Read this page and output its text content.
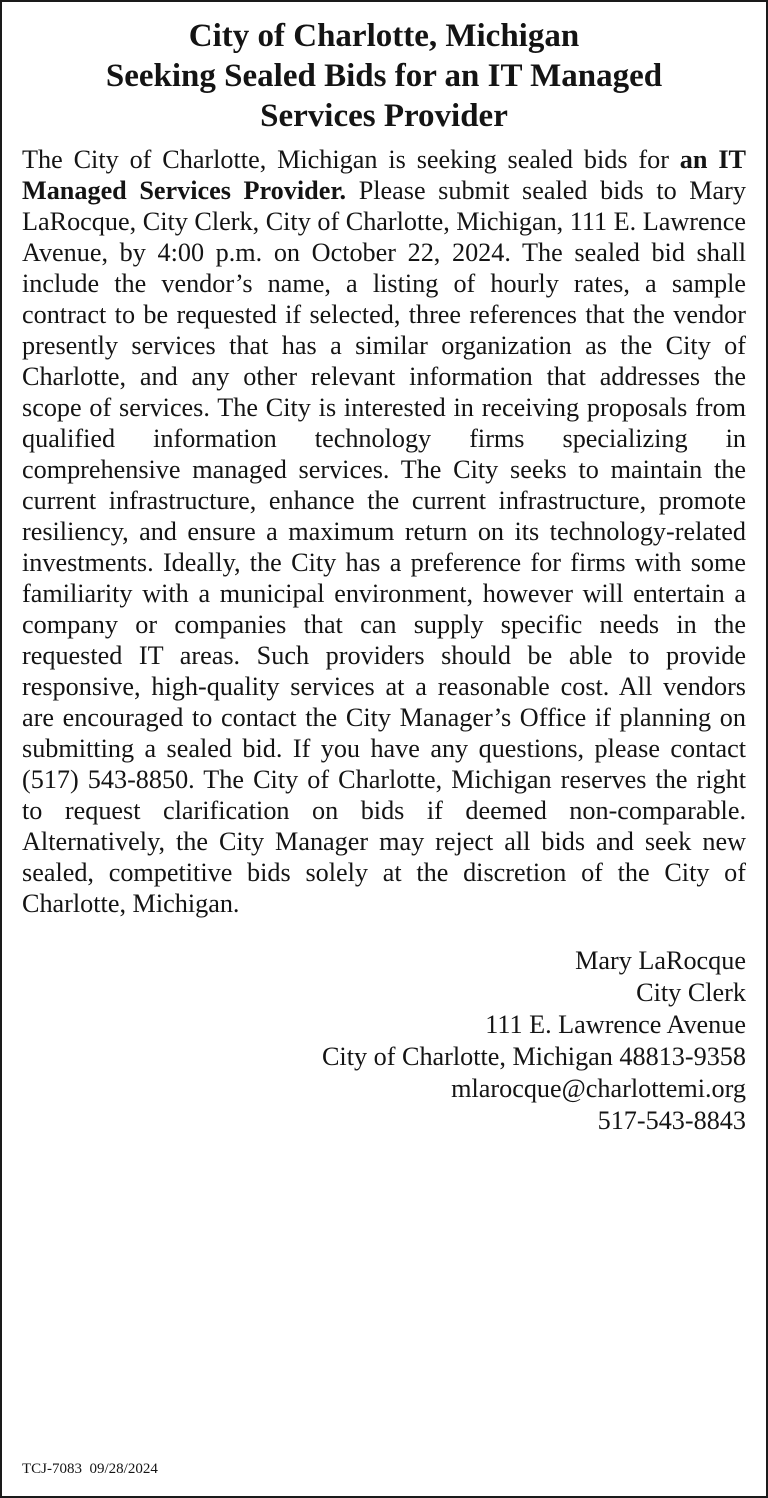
City of Charlotte, Michigan
Seeking Sealed Bids for an IT Managed
Services Provider

The City of Charlotte, Michigan is seeking sealed bids for an IT Managed Services Provider. Please submit sealed bids to Mary LaRocque, City Clerk, City of Charlotte, Michigan, 111 E. Lawrence Avenue, by 4:00 p.m. on October 22, 2024. The sealed bid shall include the vendor’s name, a listing of hourly rates, a sample contract to be requested if selected, three references that the vendor presently services that has a similar organization as the City of Charlotte, and any other relevant information that addresses the scope of services. The City is interested in receiving proposals from qualified information technology firms specializing in comprehensive managed services. The City seeks to maintain the current infrastructure, enhance the current infrastructure, promote resiliency, and ensure a maximum return on its technology-related investments. Ideally, the City has a preference for firms with some familiarity with a municipal environment, however will entertain a company or companies that can supply specific needs in the requested IT areas. Such providers should be able to provide responsive, high-quality services at a reasonable cost. All vendors are encouraged to contact the City Manager’s Office if planning on submitting a sealed bid. If you have any questions, please contact (517) 543-8850. The City of Charlotte, Michigan reserves the right to request clarification on bids if deemed non-comparable. Alternatively, the City Manager may reject all bids and seek new sealed, competitive bids solely at the discretion of the City of Charlotte, Michigan.

Mary LaRocque
City Clerk
111 E. Lawrence Avenue
City of Charlotte, Michigan 48813-9358
mlarocque@charlottemi.org
517-543-8843
TCJ-7083 09/28/2024
